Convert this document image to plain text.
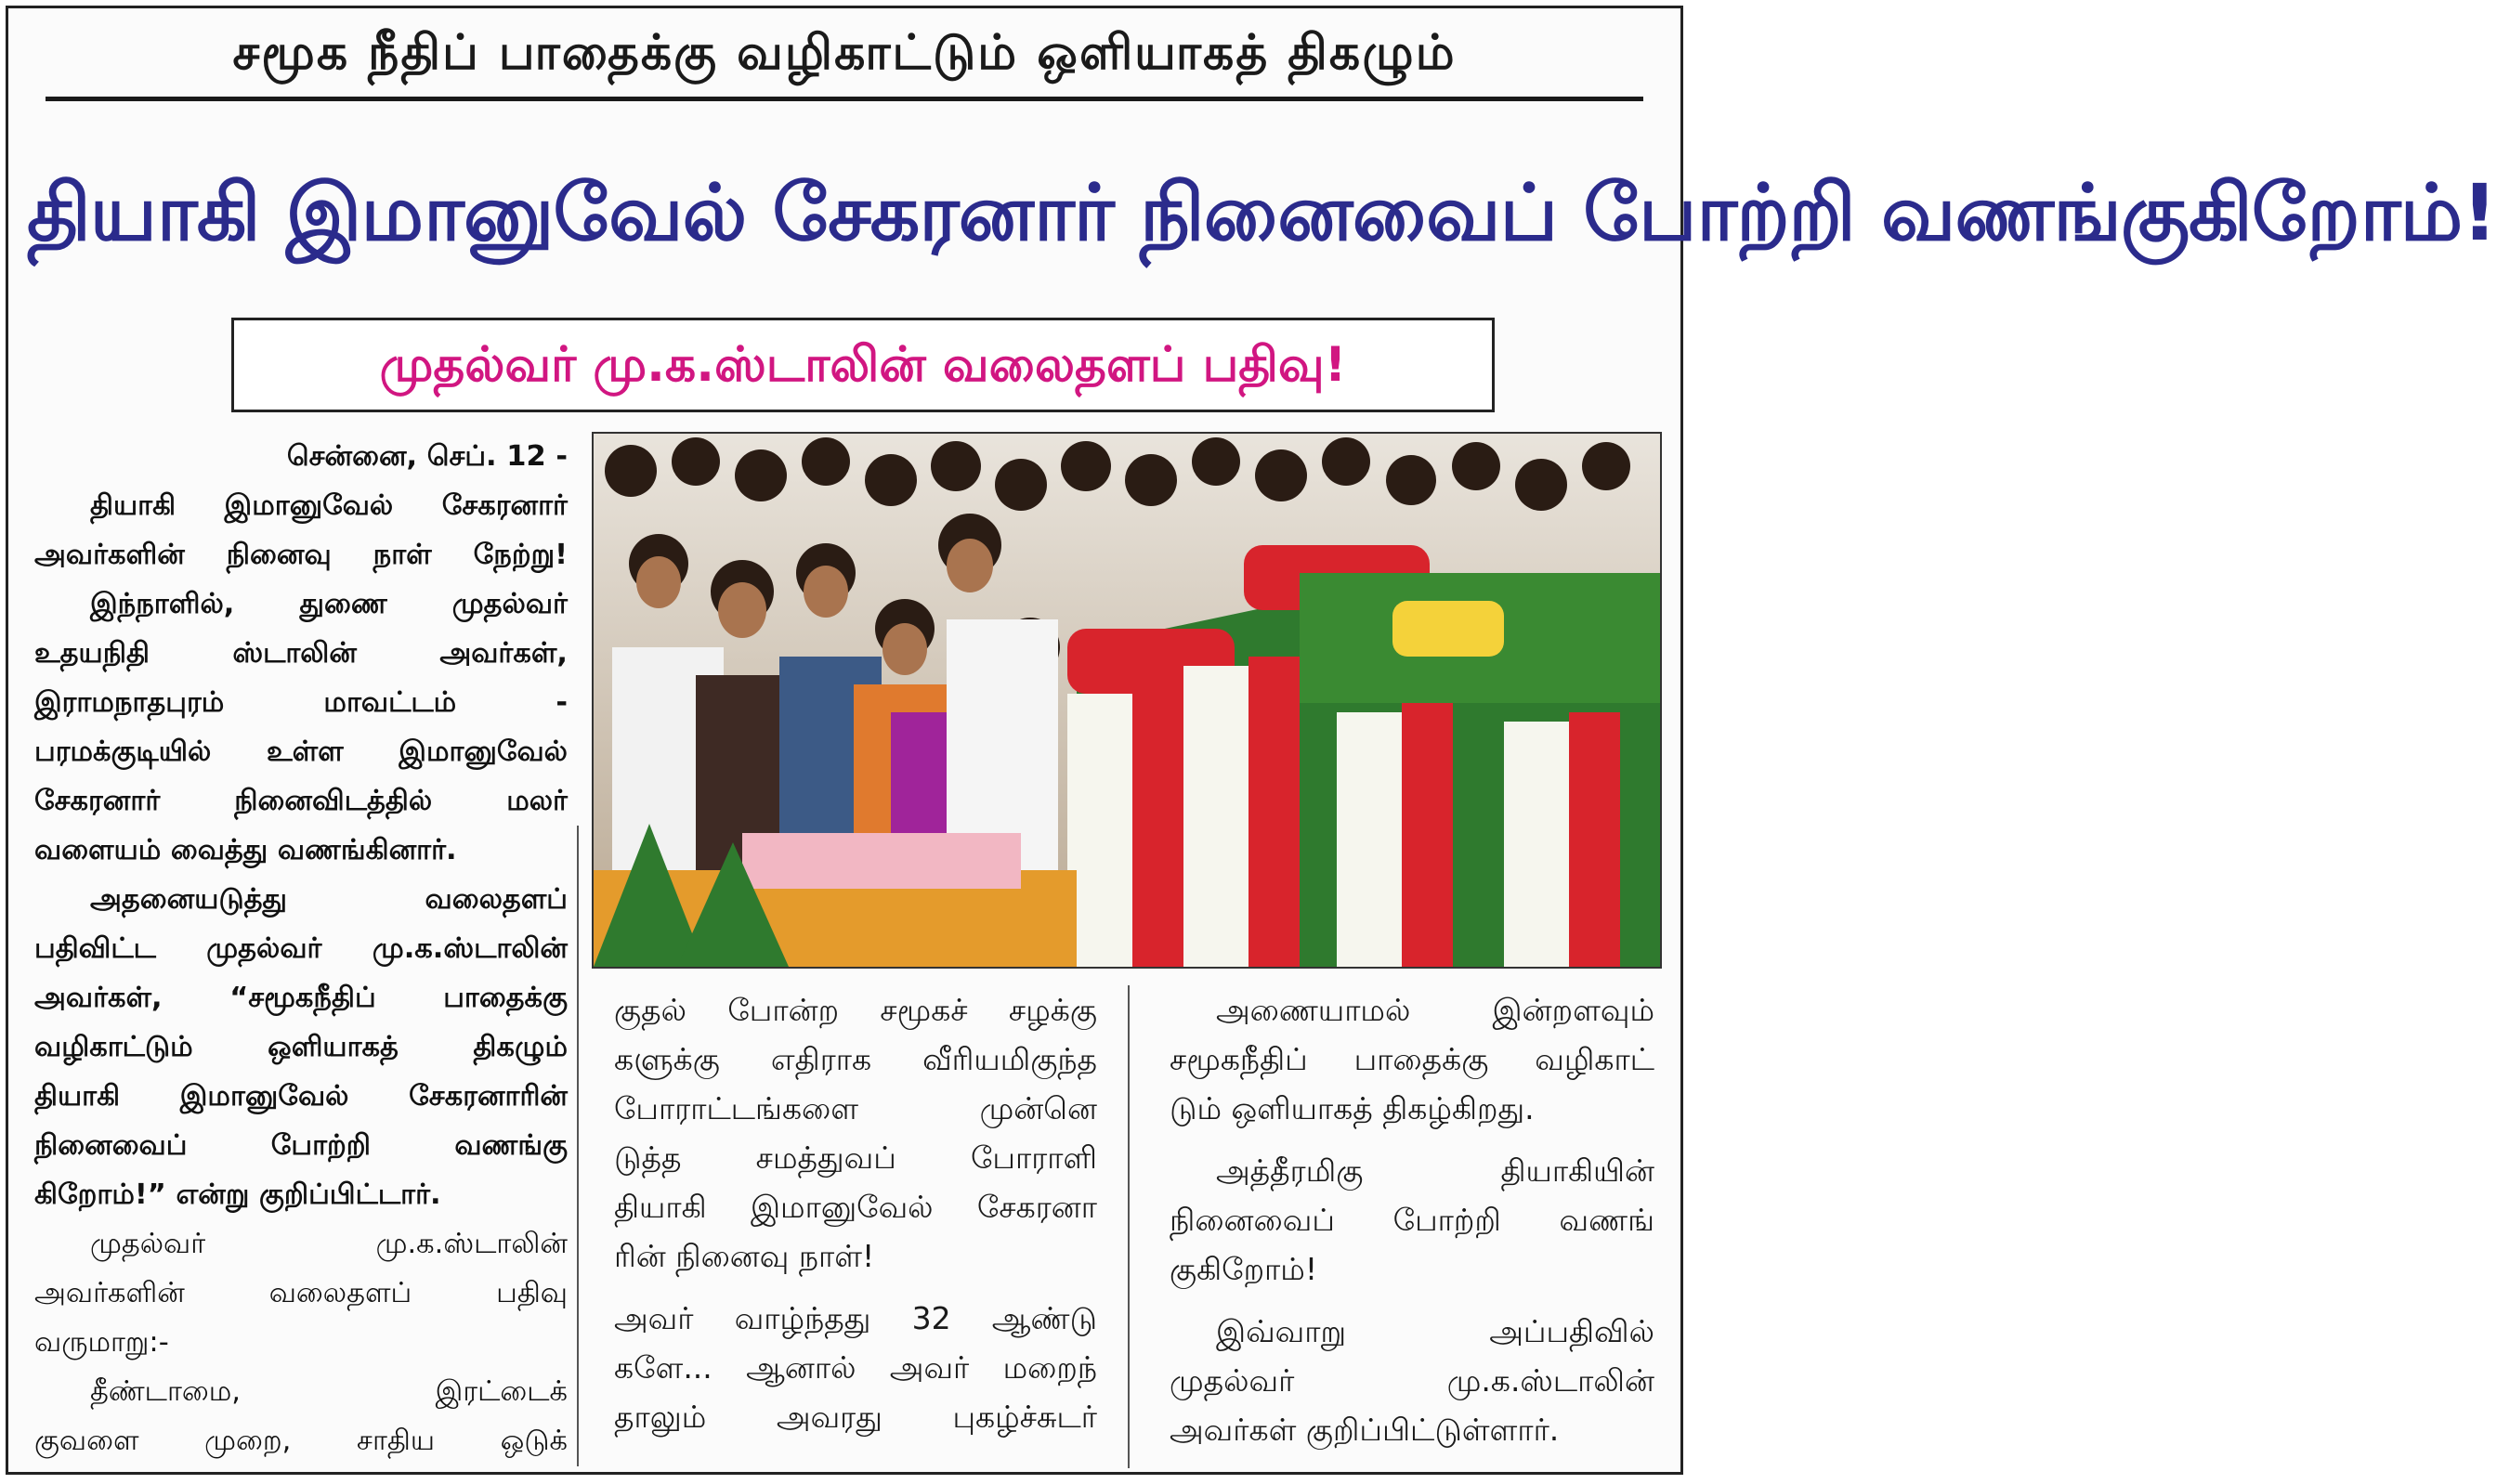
சமூக நீதிப் பாதைக்கு வழிகாட்டும் ஒளியாகத் திகழும்
தியாகி இமானுவேல் சேகரனார் நினைவைப் போற்றி வணங்குகிறோம்!
முதல்வர் மு.க.ஸ்டாலின் வலைதளப் பதிவு!

சென்னை, செப். 12 -

தியாகி இமானுவேல் சேகரனார்

அவர்களின் நினைவு நாள் நேற்று!

இந்நாளில், துணை முதல்வர்

உதயநிதி ஸ்டாலின் அவர்கள்,

இராமநாதபுரம் மாவட்டம் -

பரமக்குடியில் உள்ள இமானுவேல்

சேகரனார் நினைவிடத்தில் மலர்

வளையம் வைத்து வணங்கினார்.

அதனையடுத்து வலைதளப்

பதிவிட்ட முதல்வர் மு.க.ஸ்டாலின்

அவர்கள், “சமூகநீதிப் பாதைக்கு

வழிகாட்டும் ஒளியாகத் திகழும்

தியாகி இமானுவேல் சேகரனாரின்

நினைவைப் போற்றி வணங்கு

கிறோம்!” என்று குறிப்பிட்டார்.

முதல்வர் மு.க.ஸ்டாலின்

அவர்களின் வலைதளப் பதிவு

வருமாறு:-

தீண்டாமை, இரட்டைக்

குவளை முறை, சாதிய ஒடுக்

குதல் போன்ற சமூகச் சழக்கு

களுக்கு எதிராக வீரியமிகுந்த

போராட்டங்களை முன்னெ

டுத்த சமத்துவப் போராளி

தியாகி இமானுவேல் சேகரனா

ரின் நினைவு நாள்!

அவர் வாழ்ந்தது 32 ஆண்டு

களே... ஆனால் அவர் மறைந்

தாலும் அவரது புகழ்ச்சுடர்

அணையாமல் இன்றளவும்

சமூகநீதிப் பாதைக்கு வழிகாட்

டும் ஒளியாகத் திகழ்கிறது.

அத்தீரமிகு தியாகியின்

நினைவைப் போற்றி வணங்

குகிறோம்!

இவ்வாறு அப்பதிவில்

முதல்வர் மு.க.ஸ்டாலின்

அவர்கள் குறிப்பிட்டுள்ளார்.
